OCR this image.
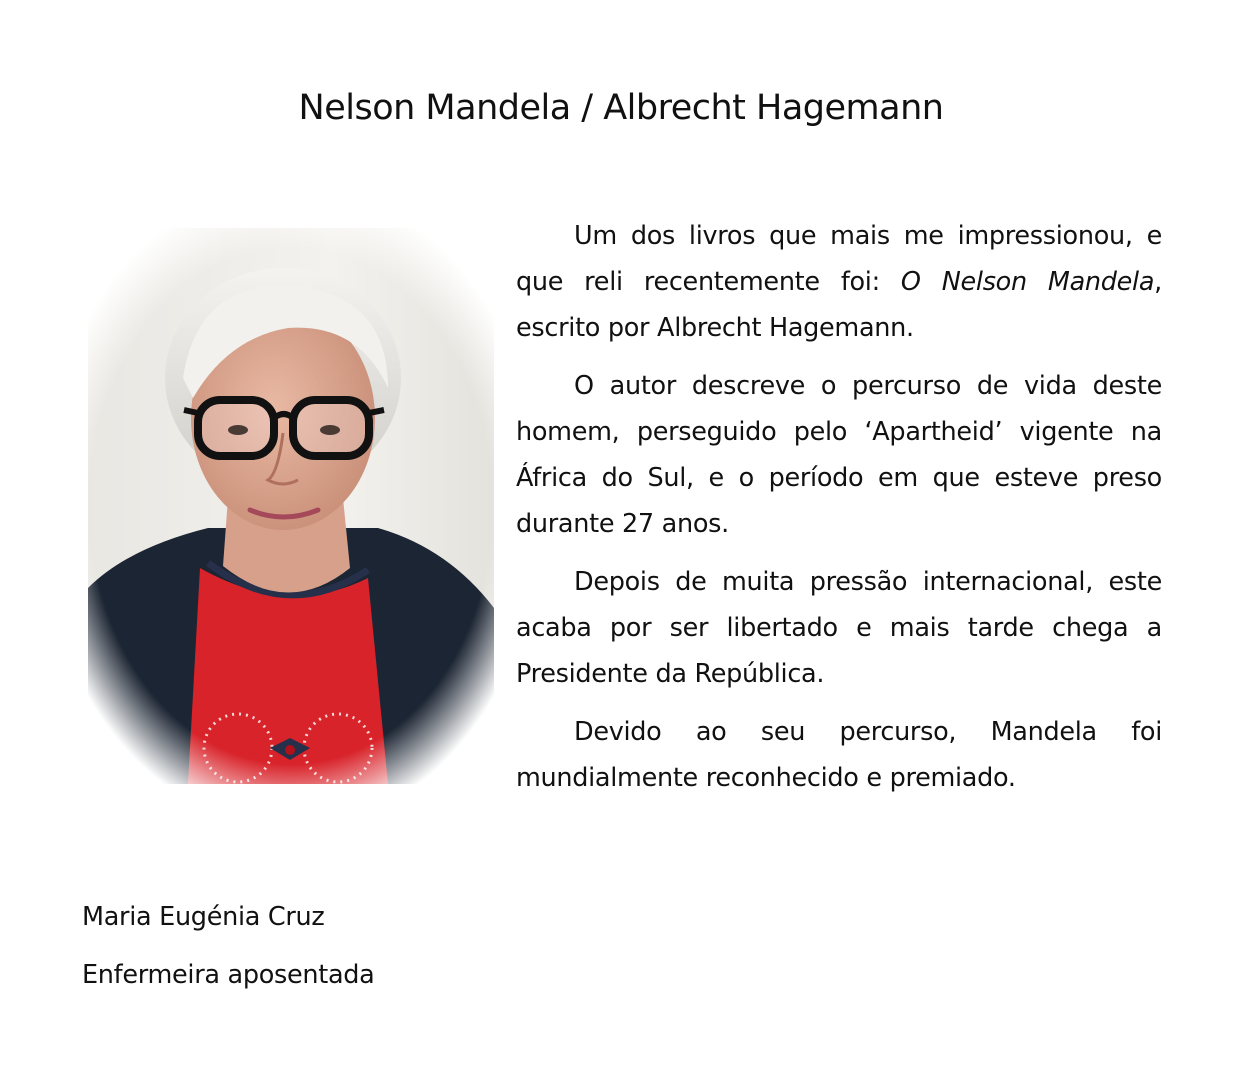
Nelson Mandela / Albrecht Hagemann

Um dos livros que mais me impressionou, e que reli recentemente foi: O Nelson Mandela, escrito por Albrecht Hagemann.

O autor descreve o percurso de vida deste homem, perseguido pelo ‘Apartheid’ vigente na África do Sul, e o período em que esteve preso durante 27 anos.

Depois de muita pressão internacional, este acaba por ser libertado e mais tarde chega a Presidente da República.

Devido ao seu percurso, Mandela foi mundialmente reconhecido e premiado.

Maria Eugénia Cruz
Enfermeira aposentada
